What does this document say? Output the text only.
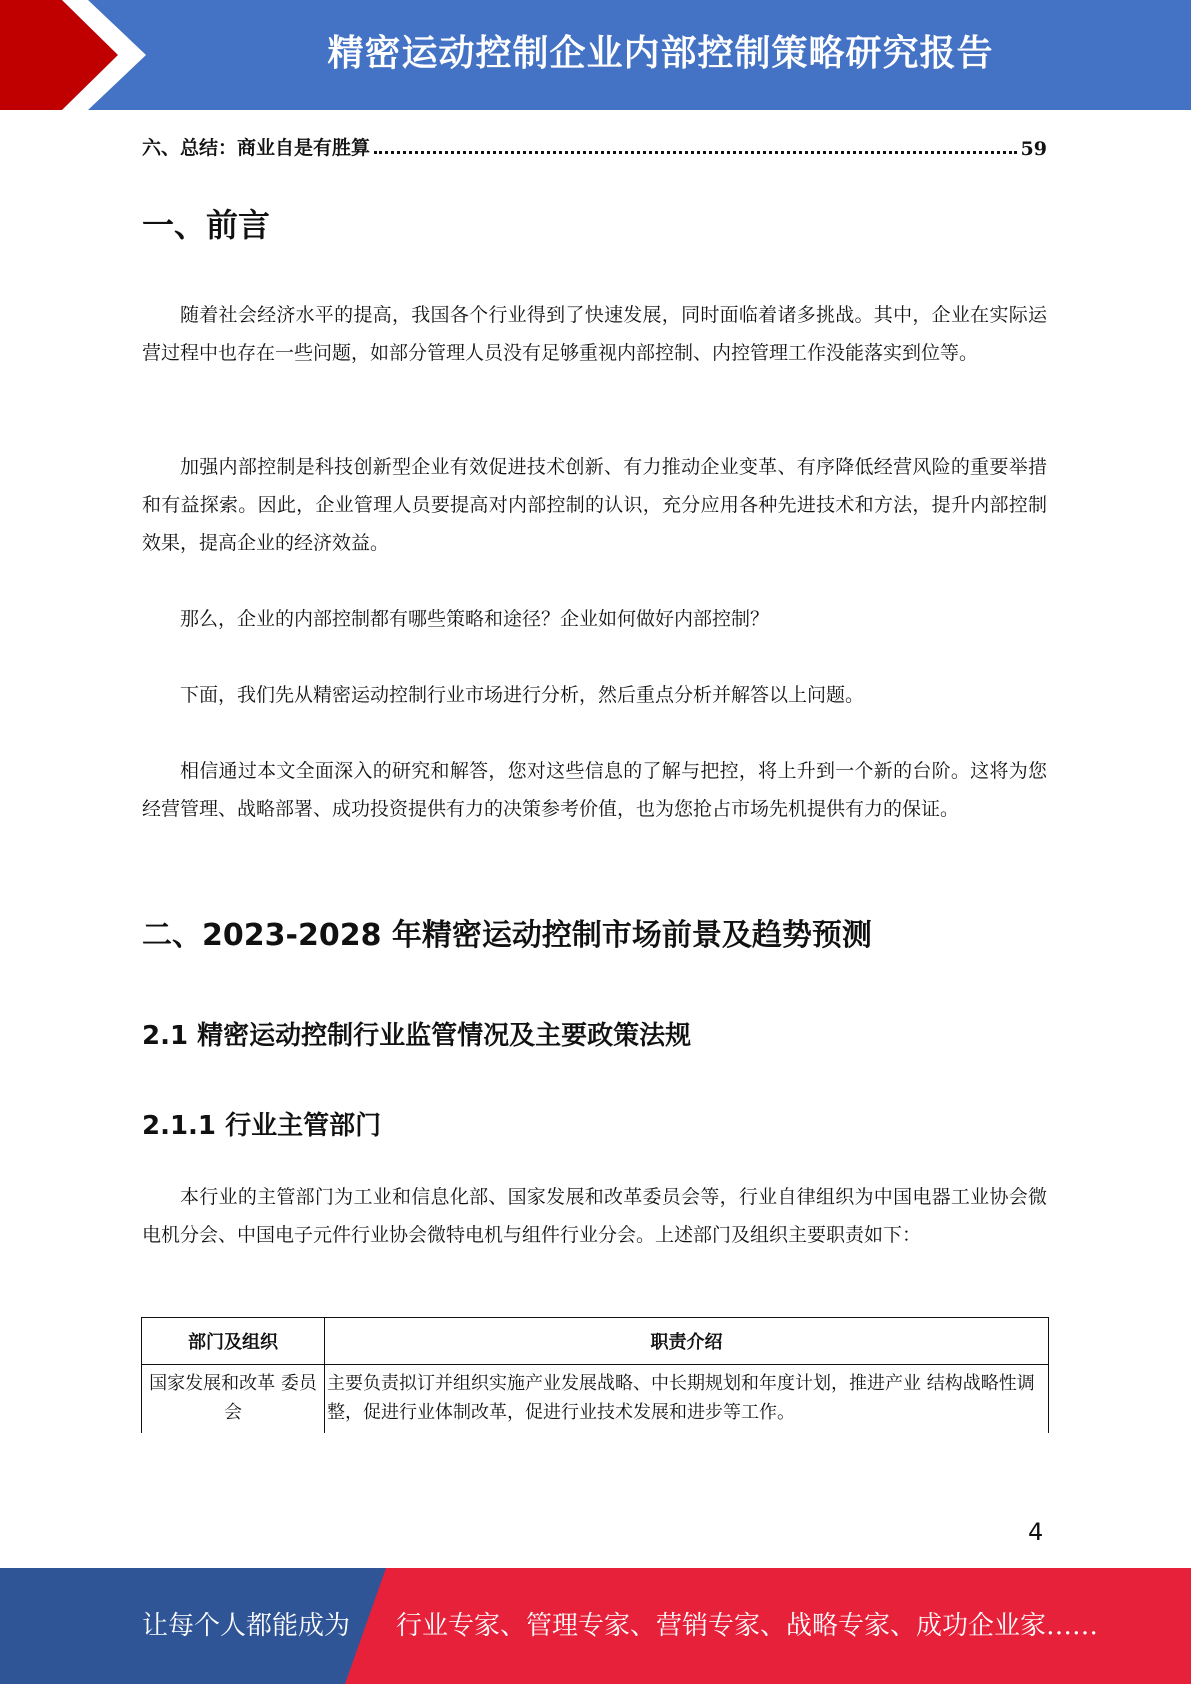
精密运动控制企业内部控制策略研究报告
六、总结：商业自是有胜算	59
一、前言

随着社会经济水平的提高，我国各个行业得到了快速发展，同时面临着诸多挑战。其中，企业在实际运营过程中也存在一些问题，如部分管理人员没有足够重视内部控制、内控管理工作没能落实到位等。

加强内部控制是科技创新型企业有效促进技术创新、有力推动企业变革、有序降低经营风险的重要举措和有益探索。因此，企业管理人员要提高对内部控制的认识，充分应用各种先进技术和方法，提升内部控制效果，提高企业的经济效益。

那么，企业的内部控制都有哪些策略和途径？企业如何做好内部控制？

下面，我们先从精密运动控制行业市场进行分析，然后重点分析并解答以上问题。

相信通过本文全面深入的研究和解答，您对这些信息的了解与把控，将上升到一个新的台阶。这将为您经营管理、战略部署、成功投资提供有力的决策参考价值，也为您抢占市场先机提供有力的保证。

二、2023-2028 年精密运动控制市场前景及趋势预测
2.1 精密运动控制行业监管情况及主要政策法规
2.1.1 行业主管部门

本行业的主管部门为工业和信息化部、国家发展和改革委员会等，行业自律组织为中国电器工业协会微电机分会、中国电子元件行业协会微特电机与组件行业分会。上述部门及组织主要职责如下：

部门及组织	职责介绍
国家发展和改革 委员会	主要负责拟订并组织实施产业发展战略、中长期规划和年度计划，推进产业 结构战略性调整，促进行业体制改革，促进行业技术发展和进步等工作。
4
让每个人都能成为 行业专家、管理专家、营销专家、战略专家、成功企业家……
